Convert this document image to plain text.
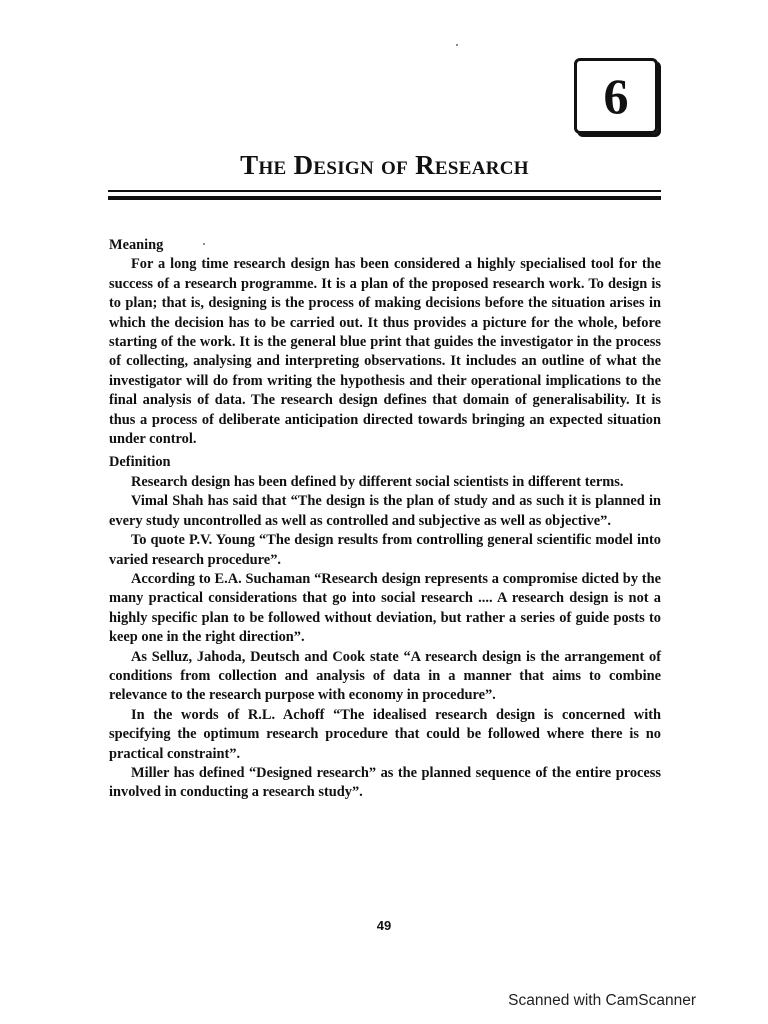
6
The Design of Research
Meaning

For a long time research design has been considered a highly specialised tool for the success of a research programme. It is a plan of the proposed research work. To design is to plan; that is, designing is the process of making decisions before the situation arises in which the decision has to be carried out. It thus provides a picture for the whole, before starting of the work. It is the general blue print that guides the investigator in the process of collecting, analysing and interpreting observations. It includes an outline of what the investigator will do from writing the hypothesis and their operational implications to the final analysis of data. The research design defines that domain of generalisability. It is thus a process of deliberate anticipation directed towards bringing an expected situation under control.

Definition

Research design has been defined by different social scientists in different terms.

Vimal Shah has said that “The design is the plan of study and as such it is planned in every study uncontrolled as well as controlled and subjective as well as objective”.

To quote P.V. Young “The design results from controlling general scientific model into varied research procedure”.

According to E.A. Suchaman “Research design represents a compromise dicted by the many practical considerations that go into social research .... A research design is not a highly specific plan to be followed without deviation, but rather a series of guide posts to keep one in the right direction”.

As Selluz, Jahoda, Deutsch and Cook state “A research design is the arrangement of conditions from collection and analysis of data in a manner that aims to combine relevance to the research purpose with economy in procedure”.

In the words of R.L. Achoff “The idealised research design is concerned with specifying the optimum research procedure that could be followed where there is no practical constraint”.

Miller has defined “Designed research” as the planned sequence of the entire process involved in conducting a research study”.

49
Scanned with CamScanner
